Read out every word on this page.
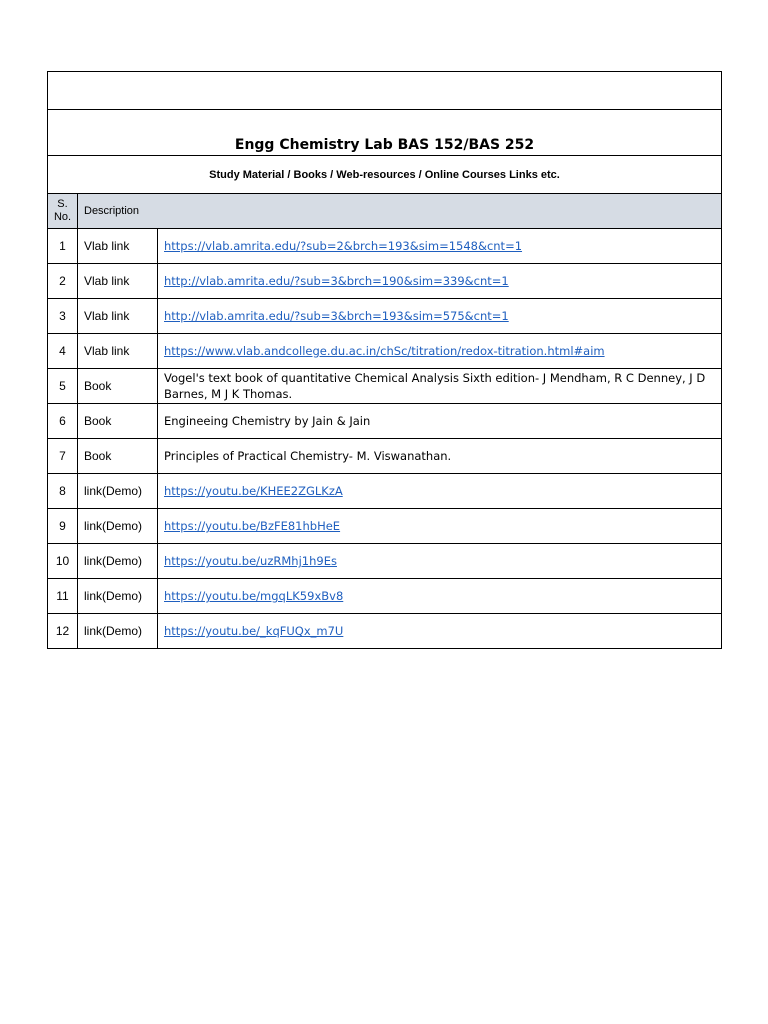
Engg Chemistry Lab BAS 152/BAS 252		
Study Material / Books / Web-resources / Online Courses Links etc.		
S. No.	Description	
1	Vlab link	https://vlab.amrita.edu/?sub=2&brch=193&sim=1548&cnt=1
2	Vlab link	http://vlab.amrita.edu/?sub=3&brch=190&sim=339&cnt=1
3	Vlab link	http://vlab.amrita.edu/?sub=3&brch=193&sim=575&cnt=1
4	Vlab link	https://www.vlab.andcollege.du.ac.in/chSc/titration/redox-titration.html#aim
5	Book	Vogel's text book of quantitative Chemical Analysis Sixth edition- J Mendham, R C Denney, J D Barnes, M J K Thomas.
6	Book	Engineeing Chemistry by Jain & Jain
7	Book	Principles of Practical Chemistry- M. Viswanathan.
8	link(Demo)	https://youtu.be/KHEE2ZGLKzA
9	link(Demo)	https://youtu.be/BzFE81hbHeE
10	link(Demo)	https://youtu.be/uzRMhj1h9Es
11	link(Demo)	https://youtu.be/mgqLK59xBv8
12	link(Demo)	https://youtu.be/_kqFUQx_m7U
